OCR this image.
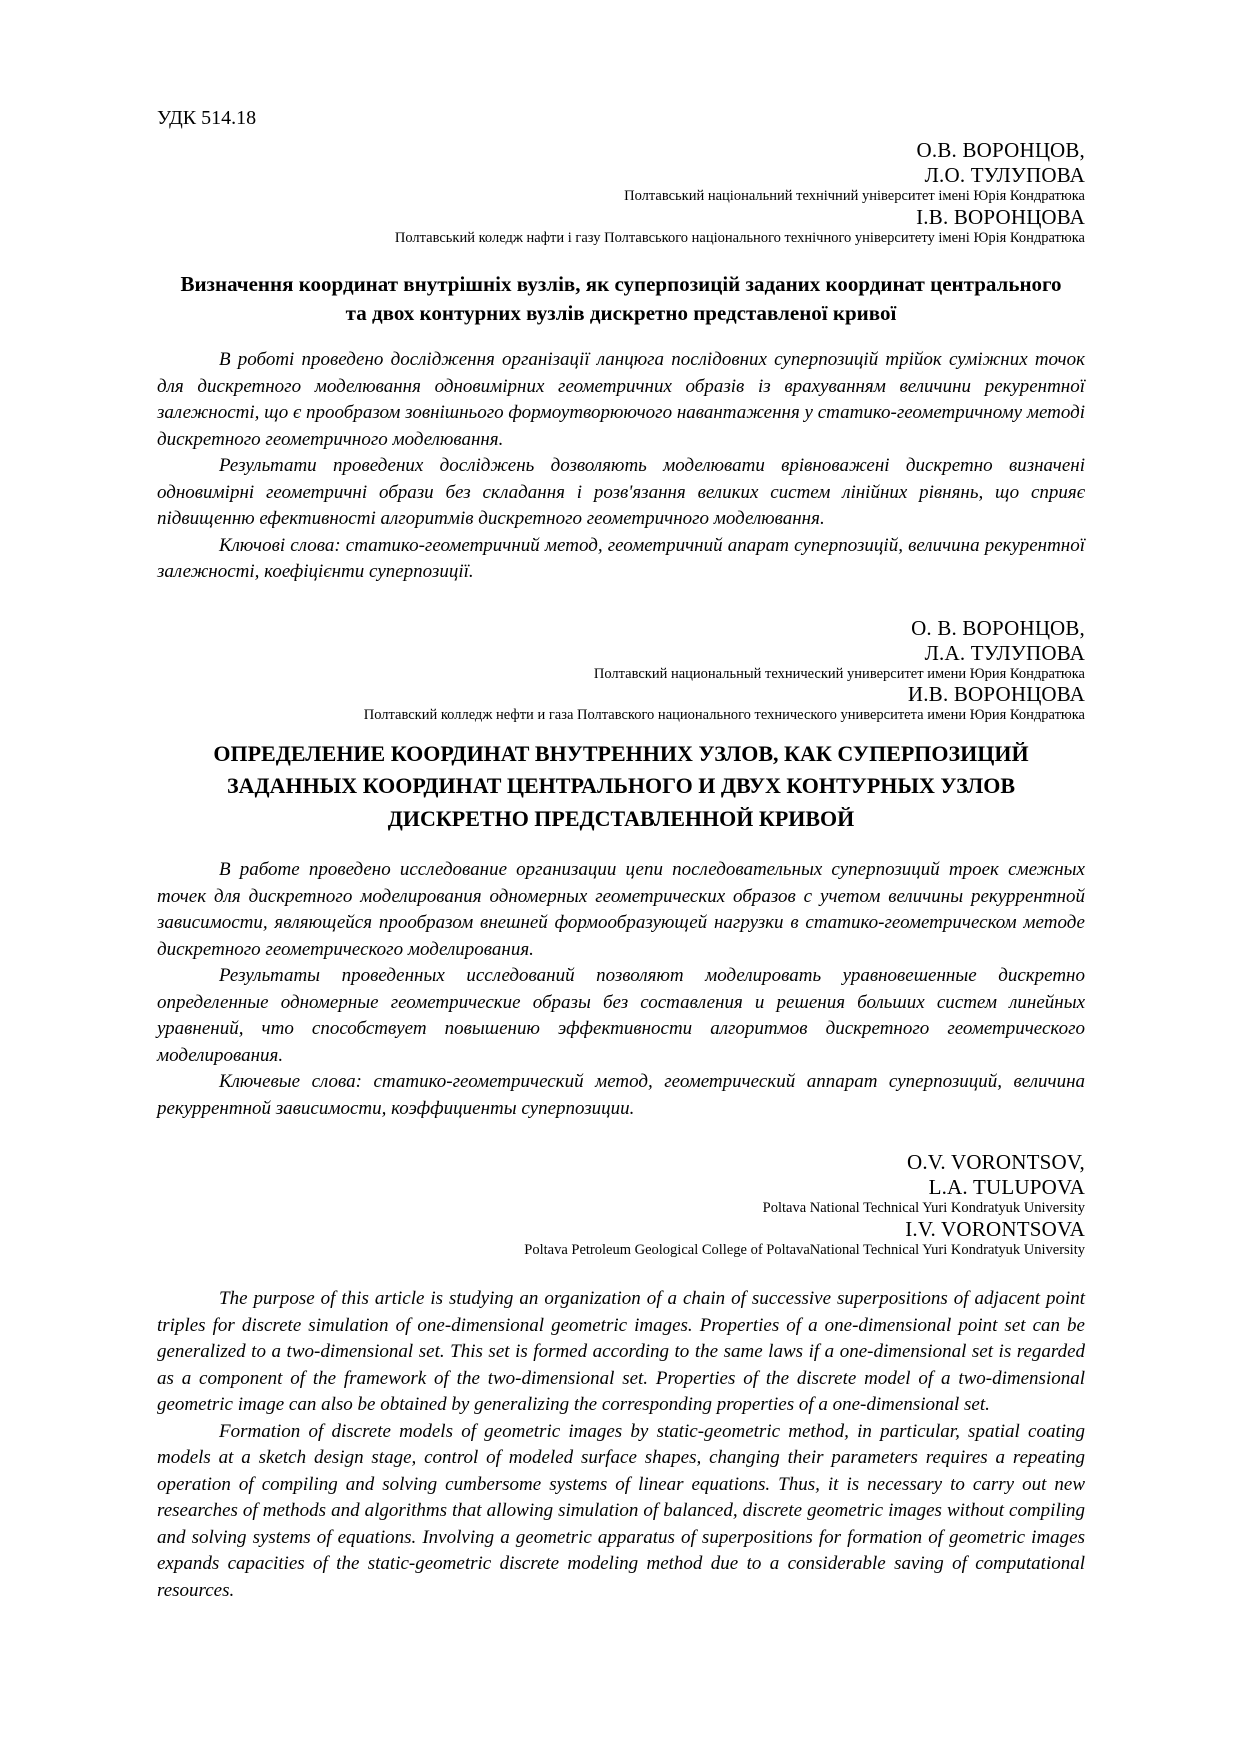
УДК 514.18
О.В. ВОРОНЦОВ,
Л.О. ТУЛУПОВА
Полтавський національний технічний університет імені Юрія Кондратюка
І.В. ВОРОНЦОВА
Полтавський коледж нафти і газу Полтавського національного технічного університету імені Юрія Кондратюка
Визначення координат внутрішніх вузлів, як суперпозицій заданих координат центрального та двох контурних вузлів дискретно представленої кривої

В роботі проведено дослідження організації ланцюга послідовних суперпозицій трійок суміжних точок для дискретного моделювання одновимірних геометричних образів із врахуванням величини рекурентної залежності, що є прообразом зовнішнього формоутворюючого навантаження у статико-геометричному методі дискретного геометричного моделювання.

Результати проведених досліджень дозволяють моделювати врівноважені дискретно визначені одновимірні геометричні образи без складання і розв'язання великих систем лінійних рівнянь, що сприяє підвищенню ефективності алгоритмів дискретного геометричного моделювання.

Ключові слова: статико-геометричний метод, геометричний апарат суперпозицій, величина рекурентної залежності, коефіцієнти суперпозиції.

О. В. ВОРОНЦОВ,
Л.А. ТУЛУПОВА
Полтавский национальный технический университет имени Юрия Кондратюка
И.В. ВОРОНЦОВА
Полтавский колледж нефти и газа Полтавского национального технического университета имени Юрия Кондратюка
ОПРЕДЕЛЕНИЕ КООРДИНАТ ВНУТРЕННИХ УЗЛОВ, КАК СУПЕРПОЗИЦИЙ ЗАДАННЫХ КООРДИНАТ ЦЕНТРАЛЬНОГО И ДВУХ КОНТУРНЫХ УЗЛОВ ДИСКРЕТНО ПРЕДСТАВЛЕННОЙ КРИВОЙ

В работе проведено исследование организации цепи последовательных суперпозиций троек смежных точек для дискретного моделирования одномерных геометрических образов с учетом величины рекуррентной зависимости, являющейся прообразом внешней формообразующей нагрузки в статико-геометрическом методе дискретного геометрического моделирования.

Результаты проведенных исследований позволяют моделировать уравновешенные дискретно определенные одномерные геометрические образы без составления и решения больших систем линейных уравнений, что способствует повышению эффективности алгоритмов дискретного геометрического моделирования.

Ключевые слова: статико-геометрический метод, геометрический аппарат суперпозиций, величина рекуррентной зависимости, коэффициенты суперпозиции.

O.V. VORONTSOV,
L.A. TULUPOVA
Poltava National Technical Yuri Kondratyuk University
I.V. VORONTSOVA
Poltava Petroleum Geological College of PoltavaNational Technical Yuri Kondratyuk University

The purpose of this article is studying an organization of a chain of successive superpositions of adjacent point triples for discrete simulation of one-dimensional geometric images. Properties of a one-dimensional point set can be generalized to a two-dimensional set. This set is formed according to the same laws if a one-dimensional set is regarded as a component of the framework of the two-dimensional set. Properties of the discrete model of a two-dimensional geometric image can also be obtained by generalizing the corresponding properties of a one-dimensional set.

Formation of discrete models of geometric images by static-geometric method, in particular, spatial coating models at a sketch design stage, control of modeled surface shapes, changing their parameters requires a repeating operation of compiling and solving cumbersome systems of linear equations. Thus, it is necessary to carry out new researches of methods and algorithms that allowing simulation of balanced, discrete geometric images without compiling and solving systems of equations. Involving a geometric apparatus of superpositions for formation of geometric images expands capacities of the static-geometric discrete modeling method due to a considerable saving of computational resources.
